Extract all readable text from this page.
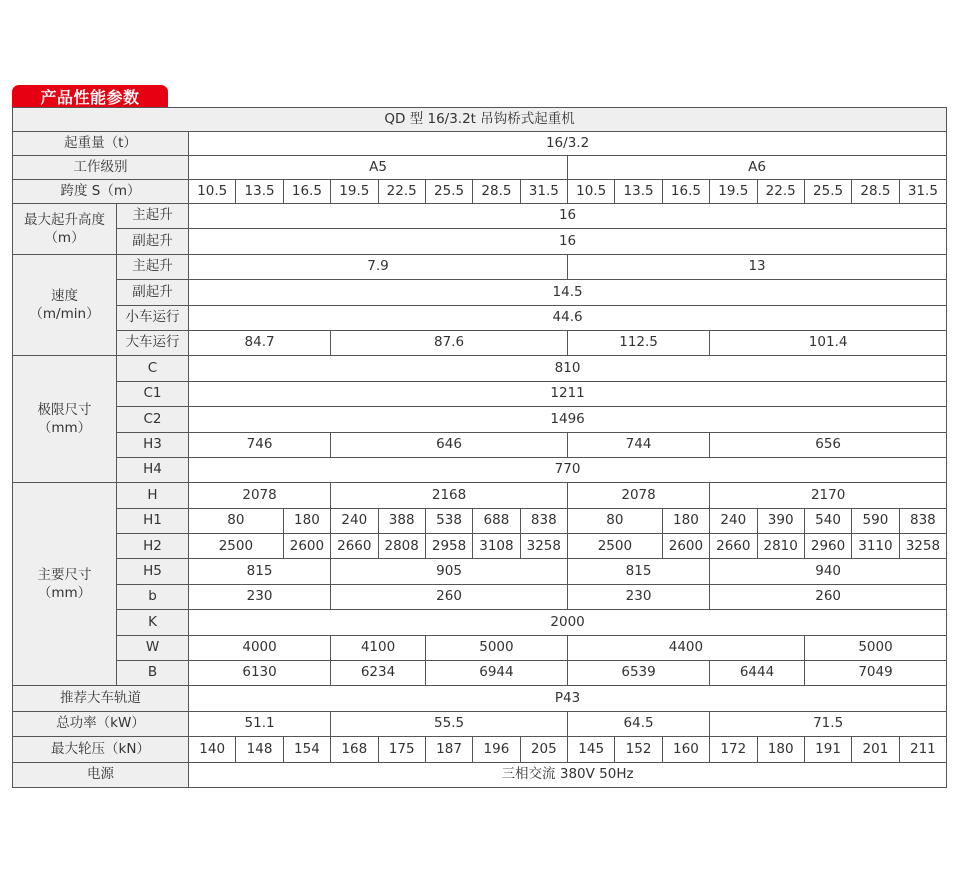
产品性能参数
QD 型 16/3.2t 吊钩桥式起重机																	
起重量（t）		16/3.2															
工作级别		A5								A6							
跨度 S（m）		10.5	13.5	16.5	19.5	22.5	25.5	28.5	31.5	10.5	13.5	16.5	19.5	22.5	25.5	28.5	31.5

最大起升高度
（m）	主起升	16															
	副起升	16															

速度
（m/min）	主起升	7.9								13							
	副起升	14.5															
	小车运行	44.6															
	大车运行	84.7			87.6					112.5			101.4				

极限尺寸
（mm）	C	810															
	C1	1211															
	C2	1496															
	H3	746			646					744			656				
	H4	770															

主要尺寸
（mm）	H	2078			2168					2078			2170				
	H1	80		180	240	388	538	688	838	80		180	240	390	540	590	838
	H2	2500		2600	2660	2808	2958	3108	3258	2500		2600	2660	2810	2960	3110	3258
	H5	815			905					815			940				
	b	230			260					230			260				
	K	2000															
	W	4000			4100		5000			4400					5000		
	B	6130			6234		6944			6539			6444		7049		
推荐大车轨道		P43															
总功率（kW）		51.1			55.5					64.5			71.5				
最大轮压（kN）		140	148	154	168	175	187	196	205	145	152	160	172	180	191	201	211
电源		三相交流 380V 50Hz															
